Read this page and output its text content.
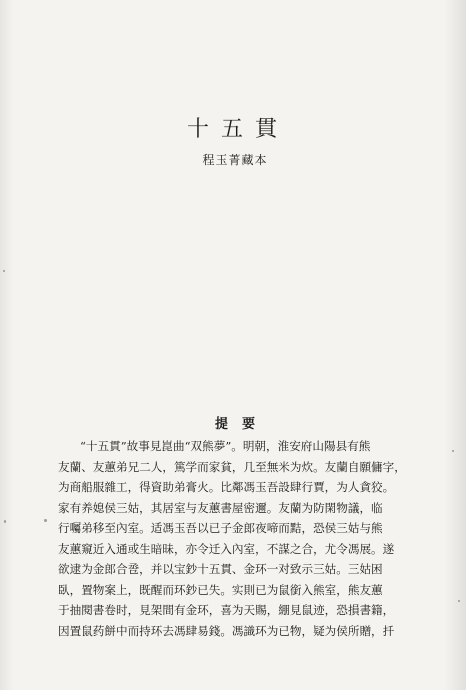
十五貫
程玉菁藏本
提要
“十五貫”故事見崑曲“双熊夢”。明朝，淮安府山陽县有熊
友蘭、友蕙弟兄二人，篤学而家貧，几至無米为炊。友蘭自願傭字，
为商船服雜工，得資助弟膏火。比鄰馮玉吾設肆行賈，为人貪狡。
家有养媳侯三姑，其居室与友蕙書屋密邇。友蘭为防閑物議，临
行囑弟移至內室。适馮玉吾以已子金郎夜啼而黠，恐侯三姑与熊
友蕙窺近入通或生暗昧，亦令迁入內室，不謀之合，尤令馮展。遂
欲逮为金郎合卺，并以宝鈔十五貫、金环一对致示三姑。三姑困
臥，置物案上，既醒而环鈔已失。实則已为鼠銜入熊室，熊友蕙
于抽閱書卷时，見架間有金环，喜为天賜，綳見鼠迹，恐損書籍，
因置鼠药餅中而持环去馮肆易錢。馮識环为已物，疑为侯所贈，扦
